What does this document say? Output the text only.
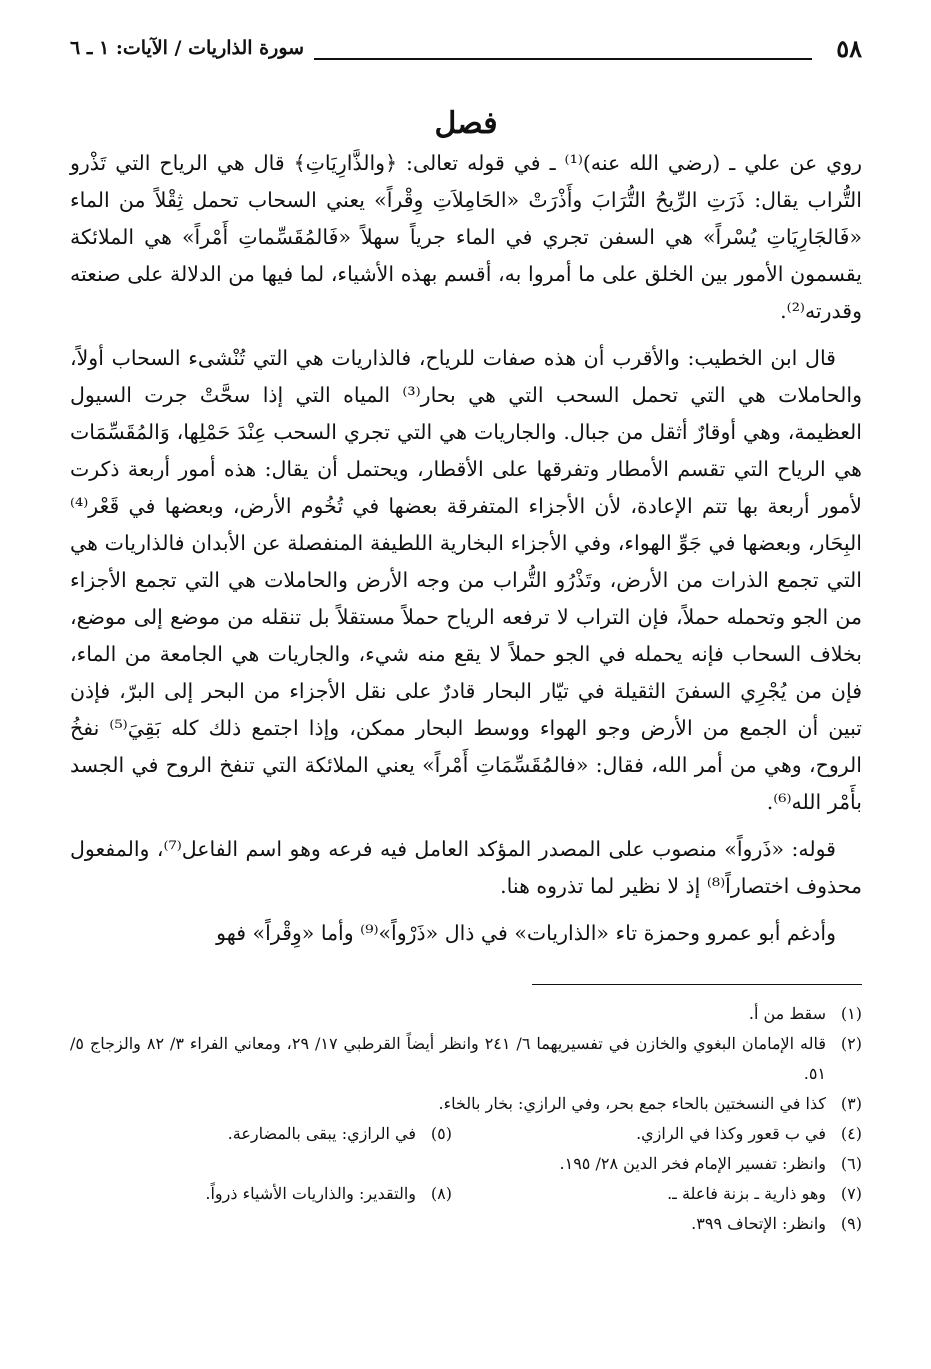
٥٨
سورة الذاريات / الآيات: ١ ـ ٦
فصل

روي عن علي ـ (رضي الله عنه)⁽¹⁾ ـ في قوله تعالى: ﴿والذَّارِيَاتِ﴾ قال هي الرياح التي تَذْرو التُّراب يقال: ذَرَتِ الرِّيحُ التُّرَابَ وأَذْرَتْ «الحَامِلاَتِ وِقْراً» يعني السحاب تحمل ثِقْلاً من الماء «فَالجَارِيَاتِ يُسْراً» هي السفن تجري في الماء جرياً سهلاً «فَالمُقَسِّماتِ أَمْراً» هي الملائكة يقسمون الأمور بين الخلق على ما أمروا به، أقسم بهذه الأشياء، لما فيها من الدلالة على صنعته وقدرته⁽²⁾.

قال ابن الخطيب: والأقرب أن هذه صفات للرياح، فالذاريات هي التي تُنْشىء السحاب أولاً، والحاملات هي التي تحمل السحب التي هي بحار⁽³⁾ المياه التي إذا سحَّتْ جرت السيول العظيمة، وهي أوقارٌ أثقل من جبال. والجاريات هي التي تجري السحب عِنْدَ حَمْلِها، وَالمُقَسِّمَات هي الرياح التي تقسم الأمطار وتفرقها على الأقطار، ويحتمل أن يقال: هذه أمور أربعة ذكرت لأمور أربعة بها تتم الإعادة، لأن الأجزاء المتفرقة بعضها في تُخُوم الأرض، وبعضها في قَعْر⁽⁴⁾ البِحَار، وبعضها في جَوِّ الهواء، وفي الأجزاء البخارية اللطيفة المنفصلة عن الأبدان فالذاريات هي التي تجمع الذرات من الأرض، وتَذْرُو التُّراب من وجه الأرض والحاملات هي التي تجمع الأجزاء من الجو وتحمله حملاً، فإن التراب لا ترفعه الرياح حملاً مستقلاً بل تنقله من موضع إلى موضع، بخلاف السحاب فإنه يحمله في الجو حملاً لا يقع منه شيء، والجاريات هي الجامعة من الماء، فإن من يُجْرِي السفنَ الثقيلة في تيّار البحار قادرٌ على نقل الأجزاء من البحر إلى البرّ، فإذن تبين أن الجمع من الأرض وجو الهواء ووسط البحار ممكن، وإذا اجتمع ذلك كله بَقِيَ⁽⁵⁾ نفخُ الروح، وهي من أمر الله، فقال: «فالمُقَسِّمَاتِ أَمْراً» يعني الملائكة التي تنفخ الروح في الجسد بأَمْر الله⁽⁶⁾.

قوله: «ذَرواً» منصوب على المصدر المؤكد العامل فيه فرعه وهو اسم الفاعل⁽⁷⁾، والمفعول محذوف اختصاراً⁽⁸⁾ إذ لا نظير لما تذروه هنا.

وأدغم أبو عمرو وحمزة تاء «الذاريات» في ذال «ذَرْواً»⁽⁹⁾ وأما «وِقْراً» فهو

(١)
سقط من أ.
(٢)
قاله الإمامان البغوي والخازن في تفسيريهما ٦/ ٢٤١ وانظر أيضاً القرطبي ١٧/ ٢٩، ومعاني الفراء ٣/ ٨٢ والزجاج ٥/ ٥١.
(٣)
كذا في النسختين بالحاء جمع بحر، وفي الرازي: بخار بالخاء.
(٤)
في ب قعور وكذا في الرازي.
(٥)
في الرازي: يبقى بالمضارعة.
(٦)
وانظر: تفسير الإمام فخر الدين ٢٨/ ١٩٥.
(٧)
وهو ذارية ـ بزنة فاعلة ـ.
(٨)
والتقدير: والذاريات الأشياء ذرواً.
(٩)
وانظر: الإتحاف ٣٩٩.
